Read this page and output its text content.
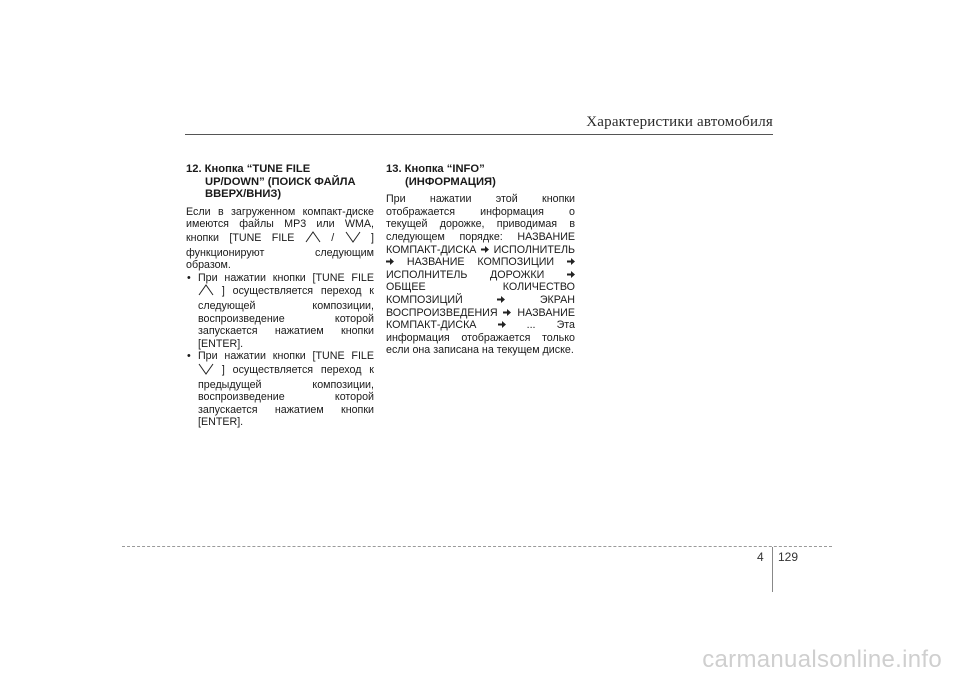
Характеристики автомобиля
12. Кнопка “TUNE FILE
UP/DOWN” (ПОИСК ФАЙЛА
ВВЕРХ/ВНИЗ)
Если в загруженном компакт-диске имеются файлы MP3 или WMA, кнопки [TUNE FILE	/	] функционируют следующим образом.
• При нажатии кнопки [TUNE FILE  ] осуществляется переход к следующей композиции, воспроизведение которой запускается нажатием кнопки [ENTER].
• При нажатии кнопки [TUNE FILE  ] осуществляется переход к предыдущей композиции, воспроизведение которой запускается нажатием кнопки [ENTER].
13. Кнопка “INFO”
(ИНФОРМАЦИЯ)
При нажатии этой кнопки отображается информация о текущей дорожке, приводимая в следующем порядке: НАЗВАНИЕ КОМПАКТ-ДИСКА ИСПОЛНИТЕЛЬ  НАЗВАНИЕ КОМПОЗИЦИИ  ИСПОЛНИТЕЛЬ ДОРОЖКИ  ОБЩЕЕ КОЛИЧЕСТВО КОМПОЗИЦИЙ	ЭКРАН ВОСПРОИЗВЕДЕНИЯ НАЗВАНИЕ КОМПАКТ-ДИСКА	... Эта информация отображается только если она записана на текущем диске.
4 129
carmanualsonline.info
